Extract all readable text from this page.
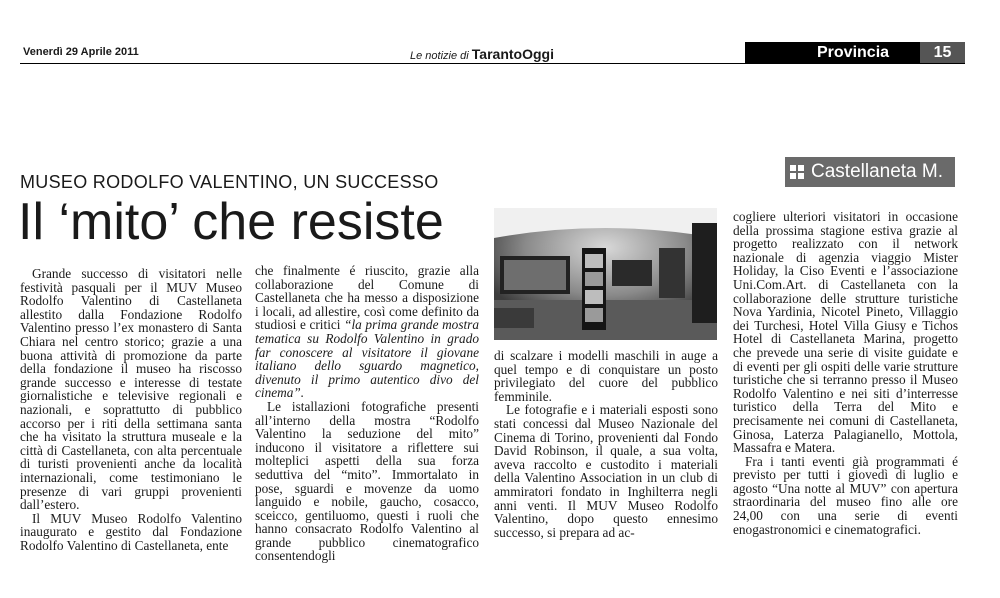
Venerdì 29 Aprile 2011	Le notizie di TarantoOggi	Provincia	15
Castellaneta M.
MUSEO RODOLFO VALENTINO, UN SUCCESSO
Il ‘mito’ che resiste

Grande successo di visitatori nelle festività pasquali per il MUV Museo Rodolfo Valentino di Castellaneta allestito dalla Fondazione Rodolfo Valentino presso l’ex monastero di Santa Chiara nel centro storico; grazie a una buona attività di promozione da parte della fondazione il museo ha riscosso grande successo e interesse di testate giornalistiche e televisive regionali e nazionali, e soprattutto di pubblico accorso per i riti della settimana santa che ha visitato la struttura museale e la città di Castellaneta, con alta percentuale di turisti provenienti anche da località internazionali, come testimoniano le presenze di vari gruppi provenienti dall’estero.

Il MUV Museo Rodolfo Valentino inaugurato e gestito dal Fondazione Rodolfo Valentino di Castellaneta, ente

che finalmente é riuscito, grazie alla collaborazione del Comune di Castellaneta che ha messo a disposizione i locali, ad allestire, così come definito da studiosi e critici “la prima grande mostra tematica su Rodolfo Valentino in grado far conoscere al visitatore il giovane italiano dello sguardo magnetico, divenuto il primo autentico divo del cinema”.

Le istallazioni fotografiche presenti all’interno della mostra “Rodolfo Valentino la seduzione del mito” inducono il visitatore a riflettere sui molteplici aspetti della sua forza seduttiva del “mito”. Immortalato in pose, sguardi e movenze da uomo languido e nobile, gaucho, cosacco, sceicco, gentiluomo, questi i ruoli che hanno consacrato Rodolfo Valentino al grande pubblico cinematografico consentendogli

di scalzare i modelli maschili in auge a quel tempo e di conquistare un posto privilegiato del cuore del pubblico femminile.

Le fotografie e i materiali esposti sono stati concessi dal Museo Nazionale del Cinema di Torino, provenienti dal Fondo David Robinson, il quale, a sua volta, aveva raccolto e custodito i materiali della Valentino Association in un club di ammiratori fondato in Inghilterra negli anni venti. Il MUV Museo Rodolfo Valentino, dopo questo ennesimo successo, si prepara ad ac-

cogliere ulteriori visitatori in occasione della prossima stagione estiva grazie al progetto realizzato con il network nazionale di agenzia viaggio Mister Holiday, la Ciso Eventi e l’associazione Uni.Com.Art. di Castellaneta con la collaborazione delle strutture turistiche Nova Yardinia, Nicotel Pineto, Villaggio dei Turchesi, Hotel Villa Giusy e Tichos Hotel di Castellaneta Marina, progetto che prevede una serie di visite guidate e di eventi per gli ospiti delle varie strutture turistiche che si terranno presso il Museo Rodolfo Valentino e nei siti d’interresse turistico della Terra del Mito e precisamente nei comuni di Castellaneta, Ginosa, Laterza Palagianello, Mottola, Massafra e Matera.

Fra i tanti eventi già programmati é previsto per tutti i giovedì di luglio e agosto “Una notte al MUV” con apertura straordinaria del museo fino alle ore 24,00 con una serie di eventi enogastronomici e cinematografici.
